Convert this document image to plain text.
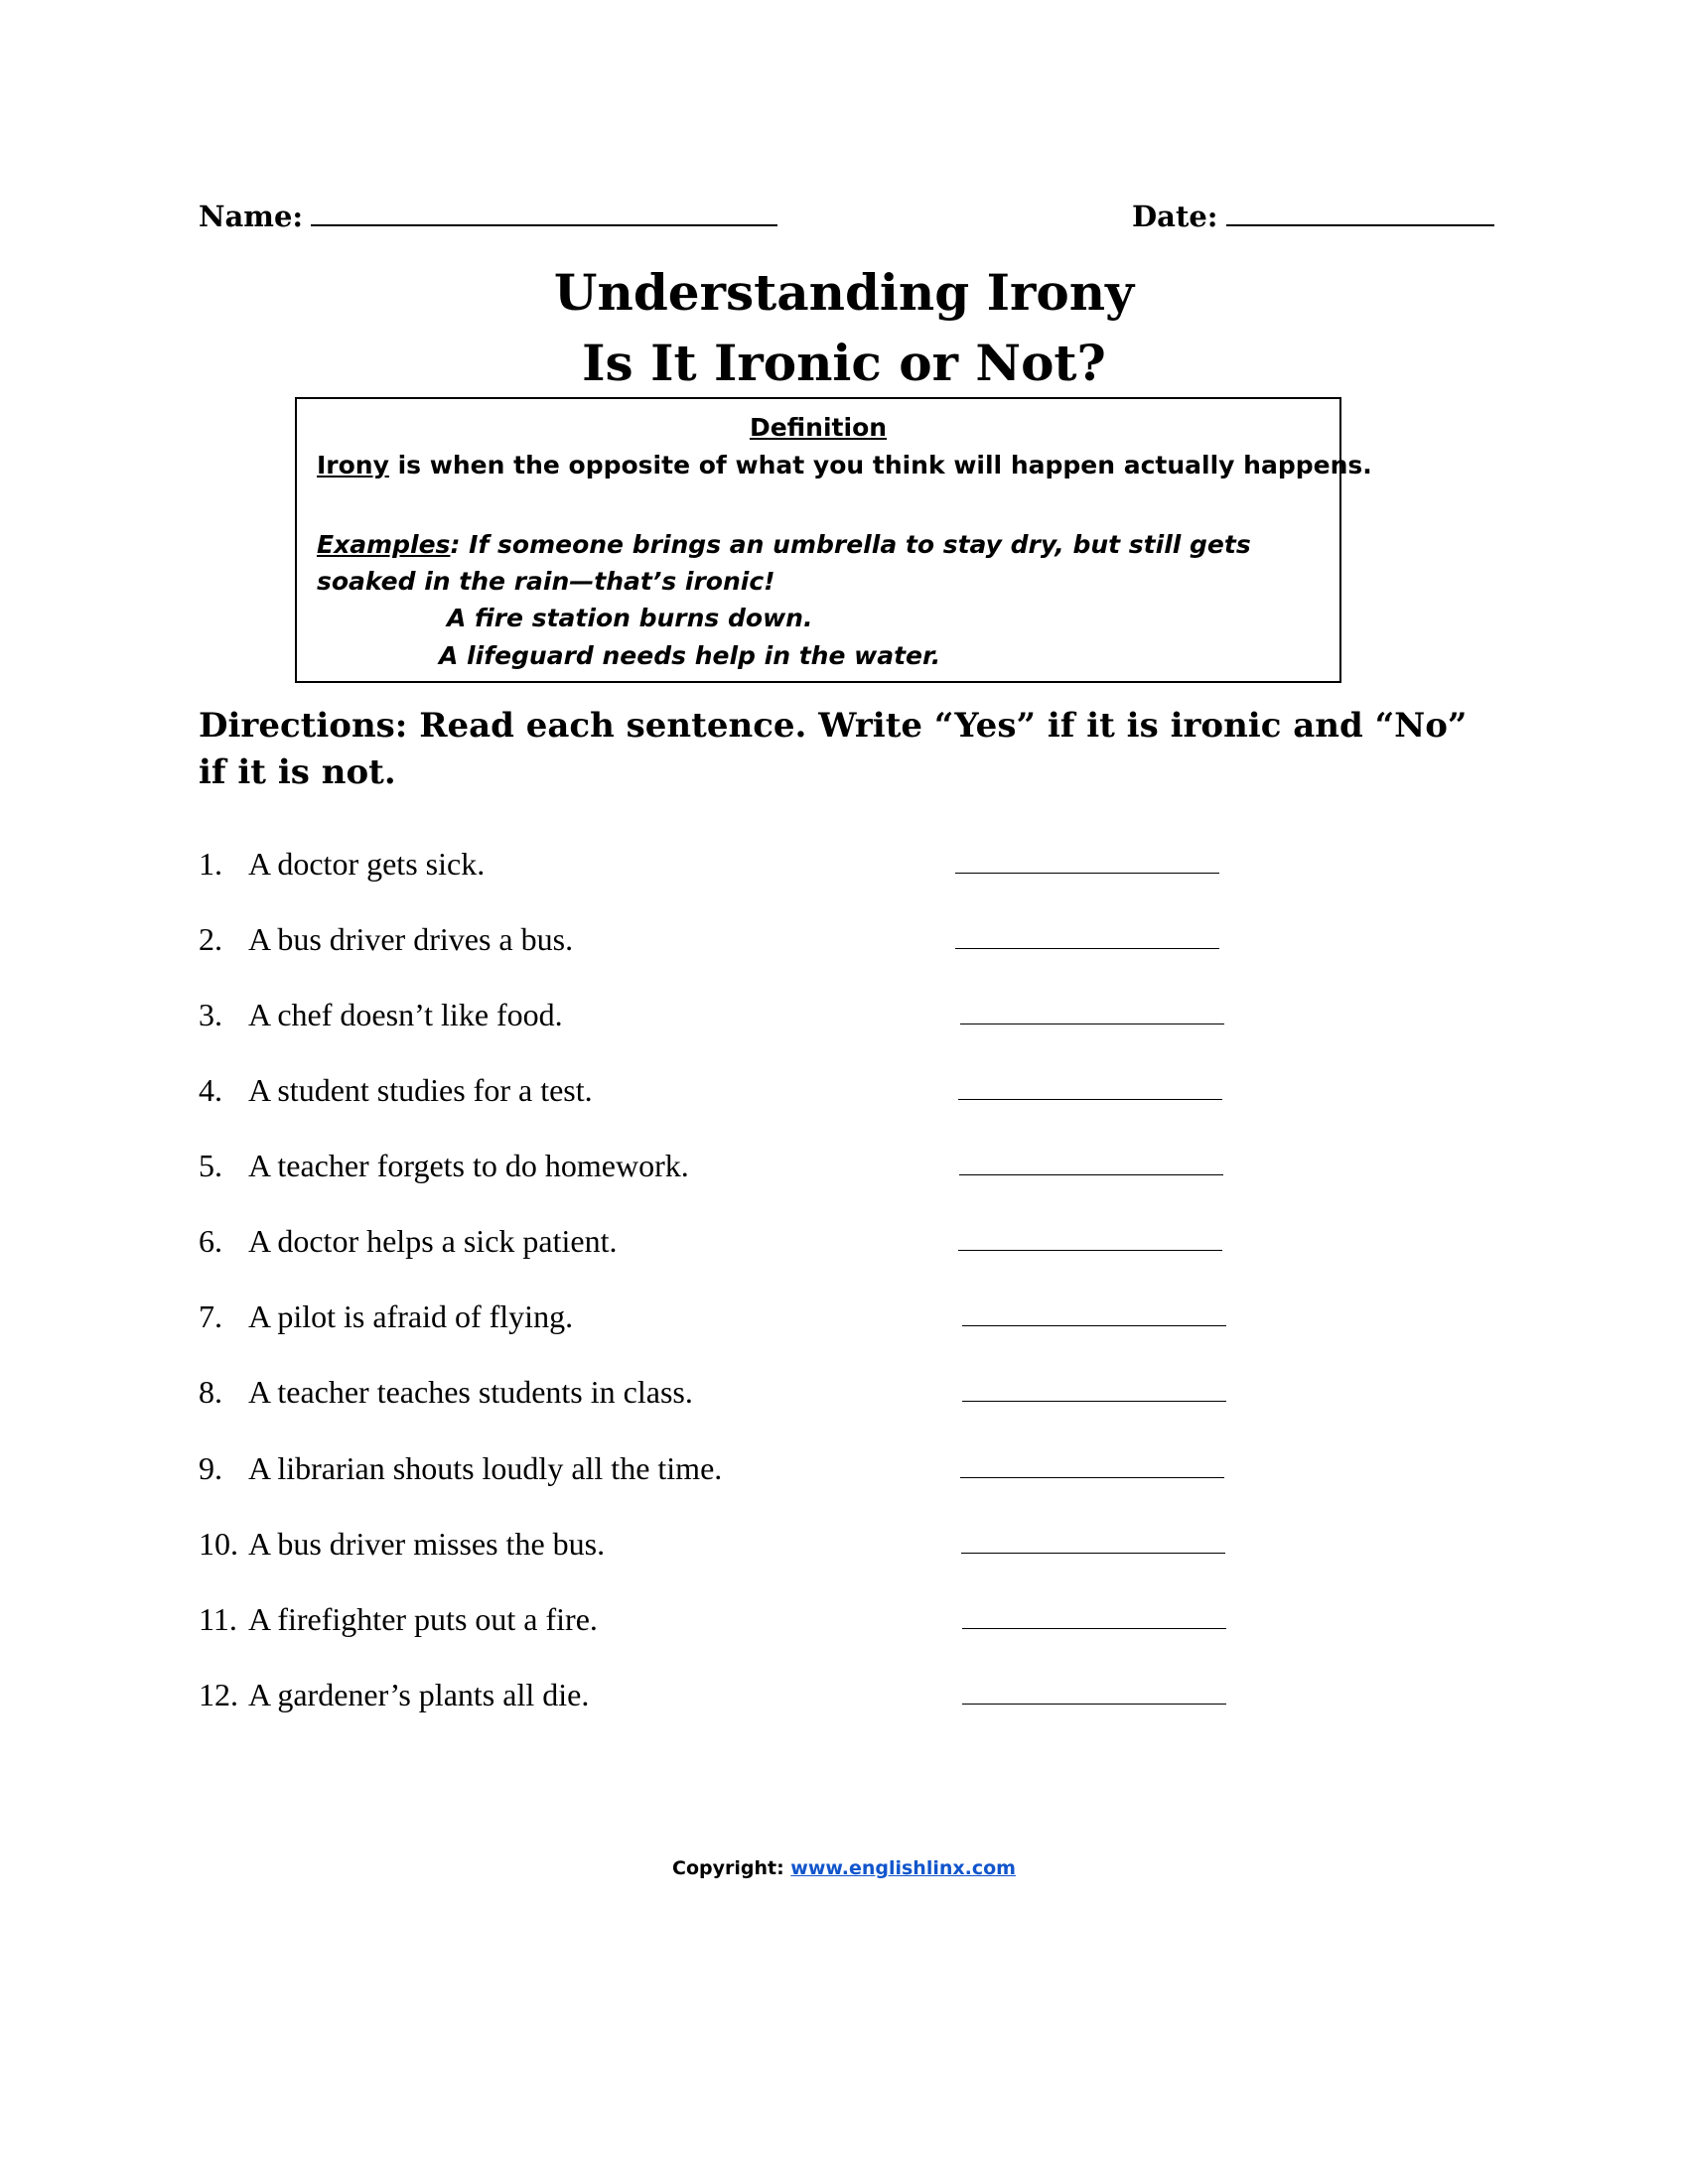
Name:	Date:
Understanding Irony
Is It Ironic or Not?
Definition
Irony is when the opposite of what you think will happen actually happens.
Examples: If someone brings an umbrella to stay dry, but still gets soaked in the rain—that’s ironic!
A fire station burns down.
A lifeguard needs help in the water.
Directions: Read each sentence. Write “Yes” if it is ironic and “No” if it is not.
1. A doctor gets sick.
2. A bus driver drives a bus.
3. A chef doesn’t like food.
4. A student studies for a test.
5. A teacher forgets to do homework.
6. A doctor helps a sick patient.
7. A pilot is afraid of flying.
8. A teacher teaches students in class.
9. A librarian shouts loudly all the time.
10. A bus driver misses the bus.
11. A firefighter puts out a fire.
12. A gardener’s plants all die.
Copyright: www.englishlinx.com
